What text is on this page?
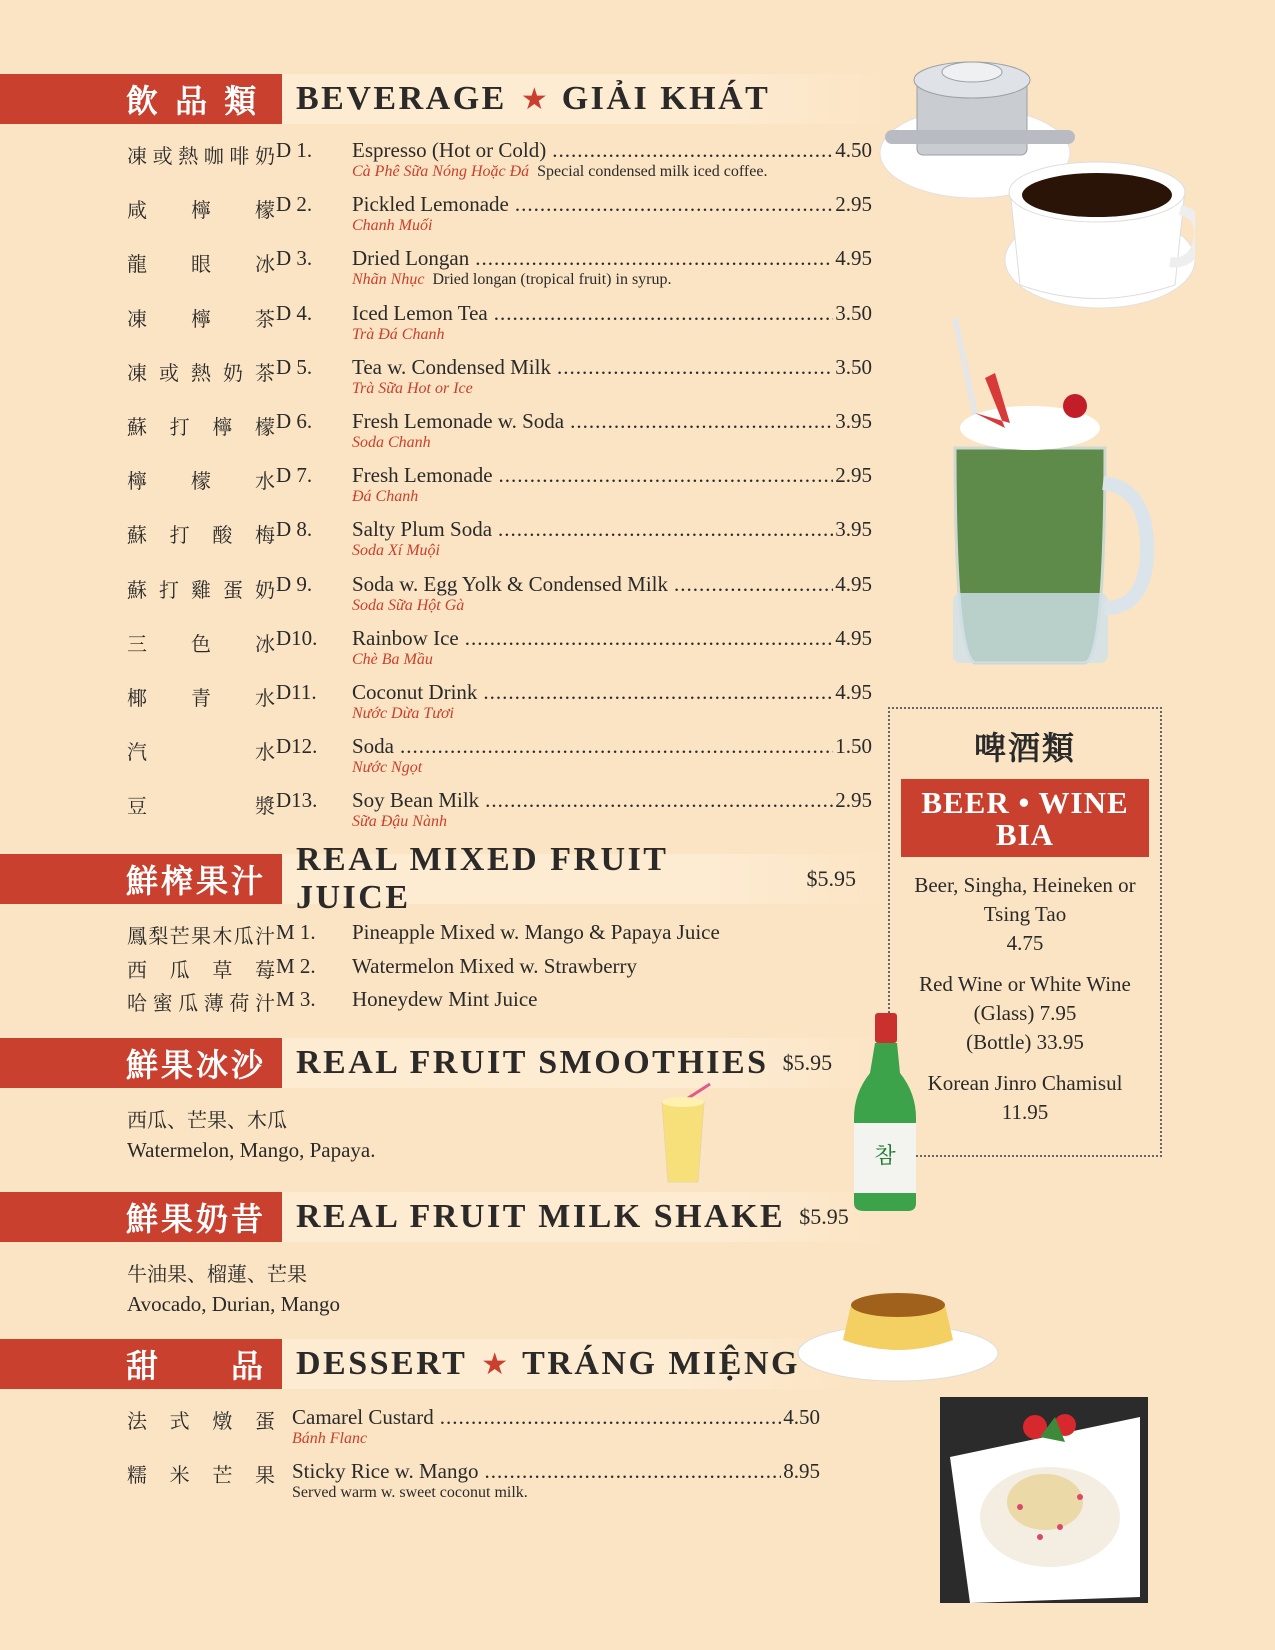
飲 品 類	BEVERAGE ★ GIẢI KHÁT
凍 或 熱 咖 啡 奶 D 1. Espresso (Hot or Cold) .....	4.50
Cà Phê Sữa Nóng Hoặc Đá Special condensed milk iced coffee.
咸 檸 檬 D 2. Pickled Lemonade .....	2.95
Chanh Muối
龍 眼 冰 D 3. Dried Longan .....	4.95
Nhãn Nhục Dried longan (tropical fruit) in syrup.
凍 檸 茶 D 4. Iced Lemon Tea .....	3.50
Trà Đá Chanh
凍 或 熱 奶 茶 D 5. Tea w. Condensed Milk .....	3.50
Trà Sữa Hot or Ice
蘇 打 檸 檬 D 6. Fresh Lemonade w. Soda .....	3.95
Soda Chanh
檸 檬 水 D 7. Fresh Lemonade .....	2.95
Đá Chanh
蘇 打 酸 梅 D 8. Salty Plum Soda .....	3.95
Soda Xí Muội
蘇 打 雞 蛋 奶 D 9. Soda w. Egg Yolk & Condensed Milk .....	4.95
Soda Sữa Hột Gà
三 色 冰 D10. Rainbow Ice .....	4.95
Chè Ba Mầu
椰 青 水 D11. Coconut Drink .....	4.95
Nước Dừa Tươi
汽	水 D12. Soda .....	1.50
Nước Ngọt
豆	漿 D13. Soy Bean Milk .....	2.95
Sữa Đậu Nành
鮮榨果汁
REAL MIXED FRUIT JUICE
$5.95
鳳 梨 芒 果 木 瓜 汁 M 1. Pineapple Mixed w. Mango & Papaya Juice
西 瓜 草 莓 M 2. Watermelon Mixed w. Strawberry
哈 蜜 瓜 薄 荷 汁 M 3. Honeydew Mint Juice
鮮果冰沙 REAL FRUIT SMOOTHIES $5.95
西瓜、芒果、木瓜
Watermelon, Mango, Papaya.
鮮果奶昔 REAL FRUIT MILK SHAKE $5.95
牛油果、榴蓮、芒果
Avocado, Durian, Mango
甜　　品 DESSERT ★ TRÁNG MIỆNG
法 式 燉 蛋 Camarel Custard .....	4.50
Bánh Flanc
糯 米 芒 果 Sticky Rice w. Mango .....	8.95
Served warm w. sweet coconut milk.
啤酒類
BEER • WINE
BIA
Beer, Singha, Heineken or Tsing Tao
4.75
Red Wine or White Wine
(Glass) 7.95
(Bottle) 33.95
Korean Jinro Chamisul
11.95
참
